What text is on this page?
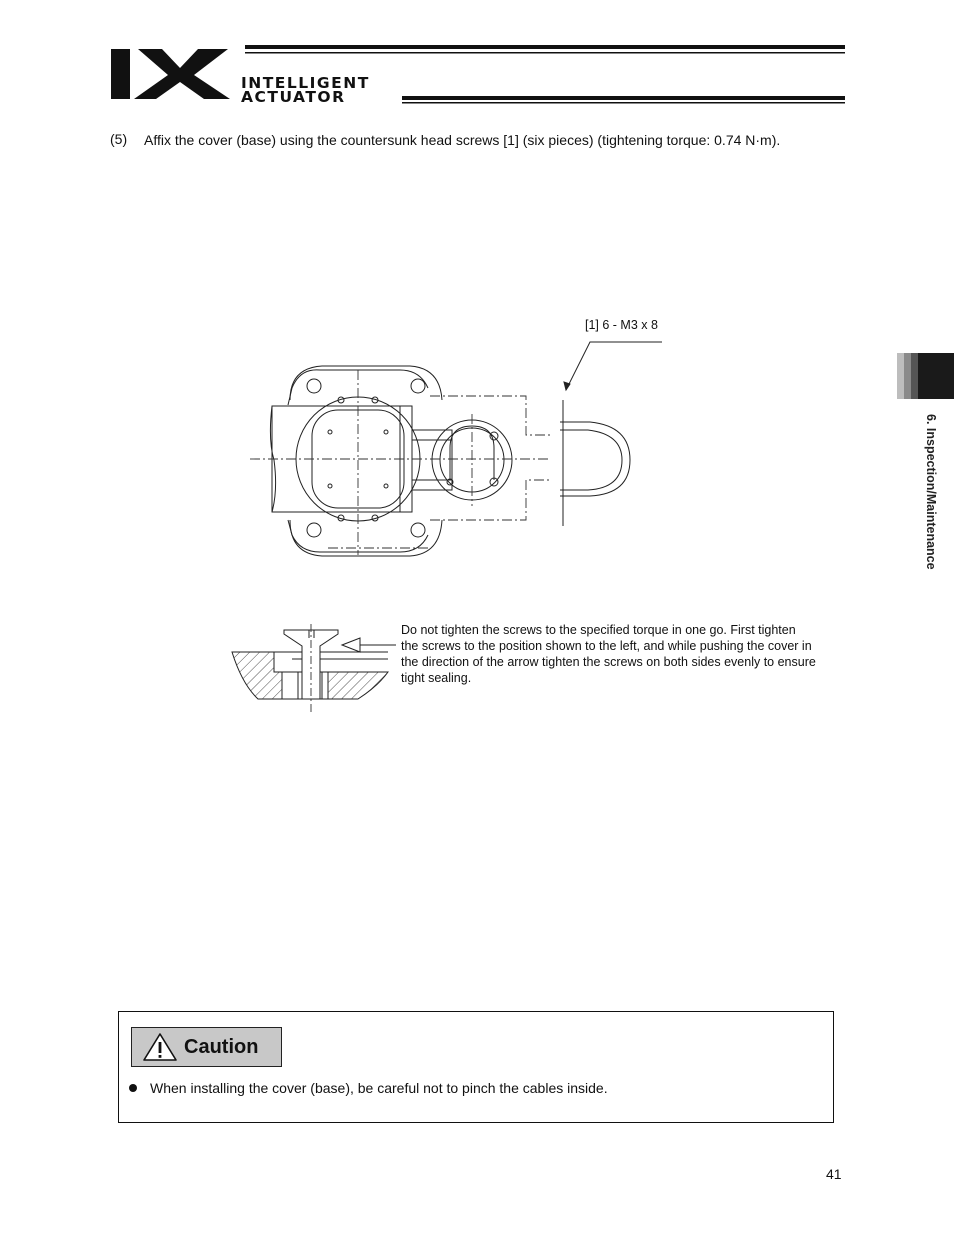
INTELLIGENT
ACTUATOR
6. Inspection/Maintenance
(5) Affix the cover (base) using the countersunk head screws [1] (six pieces) (tightening torque: 0.74 N·m).
[1] 6 - M3 x 8
Do not tighten the screws to the specified torque in one go. First tighten the screws to the position shown to the left, and while pushing the cover in the direction of the arrow tighten the screws on both sides evenly to ensure tight sealing.
Caution
When installing the cover (base), be careful not to pinch the cables inside.
41
